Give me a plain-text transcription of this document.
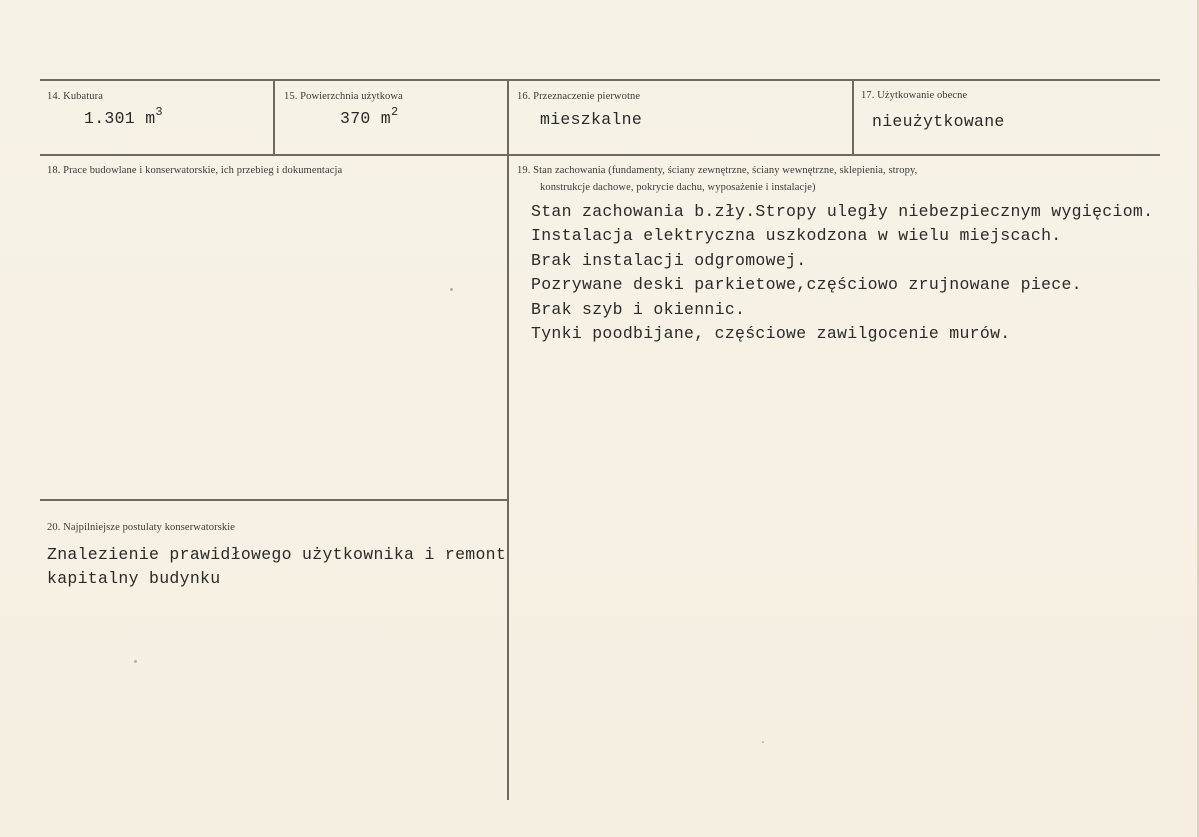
14. Kubatura
1.301 $m^3$
15. Powierzchnia użytkowa
370 $m^2$
16. Przeznaczenie pierwotne
mieszkalne
17. Użytkowanie obecne
nieużytkowane
18. Prace budowlane i konserwatorskie, ich przebieg i dokumentacja	19. Stan zachowania (fundamenty, ściany zewnętrzne, ściany wewnętrzne, sklepienia, stropy,
konstrukcje dachowe, pokrycie dachu, wyposażenie i instalacje)
Stan zachowania b.zły.Stropy uległy niebezpiecznym wygięciom.
Instalacja elektryczna uszkodzona w wielu miejscach.
Brak instalacji odgromowej.
Pozrywane deski parkietowe,częściowo zrujnowane piece.
Brak szyb i okiennic.
Tynki poodbijane, częściowe zawilgocenie murów.
20. Najpilniejsze postulaty konserwatorskie
Znalezienie prawidłowego użytkownika i remont
kapitalny budynku
